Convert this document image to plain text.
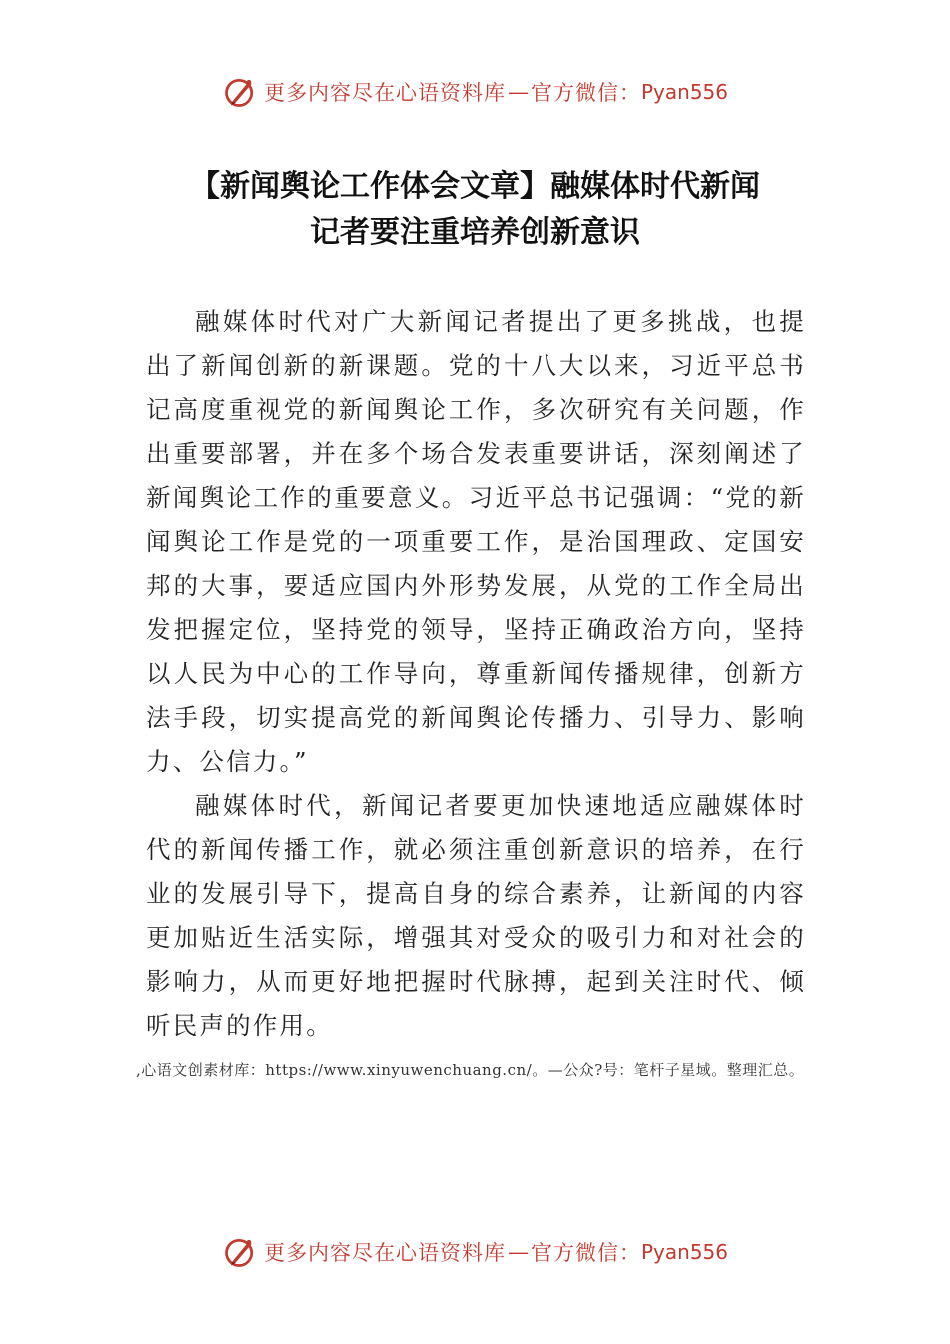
更多内容尽在心语资料库 — 官方微信： Pyan556
【新闻舆论工作体会文章】融媒体时代新闻
记者要注重培养创新意识

融媒体时代对广大新闻记者提出了更多挑战，也提出了新闻创新的新课题。党的十八大以来，习近平总书记高度重视党的新闻舆论工作，多次研究有关问题，作出重要部署，并在多个场合发表重要讲话，深刻阐述了新闻舆论工作的重要意义。习近平总书记强调：“党的新闻舆论工作是党的一项重要工作，是治国理政、定国安邦的大事，要适应国内外形势发展，从党的工作全局出发把握定位，坚持党的领导，坚持正确政治方向，坚持以人民为中心的工作导向，尊重新闻传播规律，创新方法手段，切实提高党的新闻舆论传播力、引导力、影响力、公信力。”

融媒体时代，新闻记者要更加快速地适应融媒体时代的新闻传播工作，就必须注重创新意识的培养，在行业的发展引导下，提高自身的综合素养，让新闻的内容更加贴近生活实际，增强其对受众的吸引力和对社会的影响力，从而更好地把握时代脉搏，起到关注时代、倾听民声的作用。

,心语文创素材库：https://www.xinyuwenchuang.cn/。—公众?号：笔杆子星域。整理汇总。

更多内容尽在心语资料库 — 官方微信： Pyan556
